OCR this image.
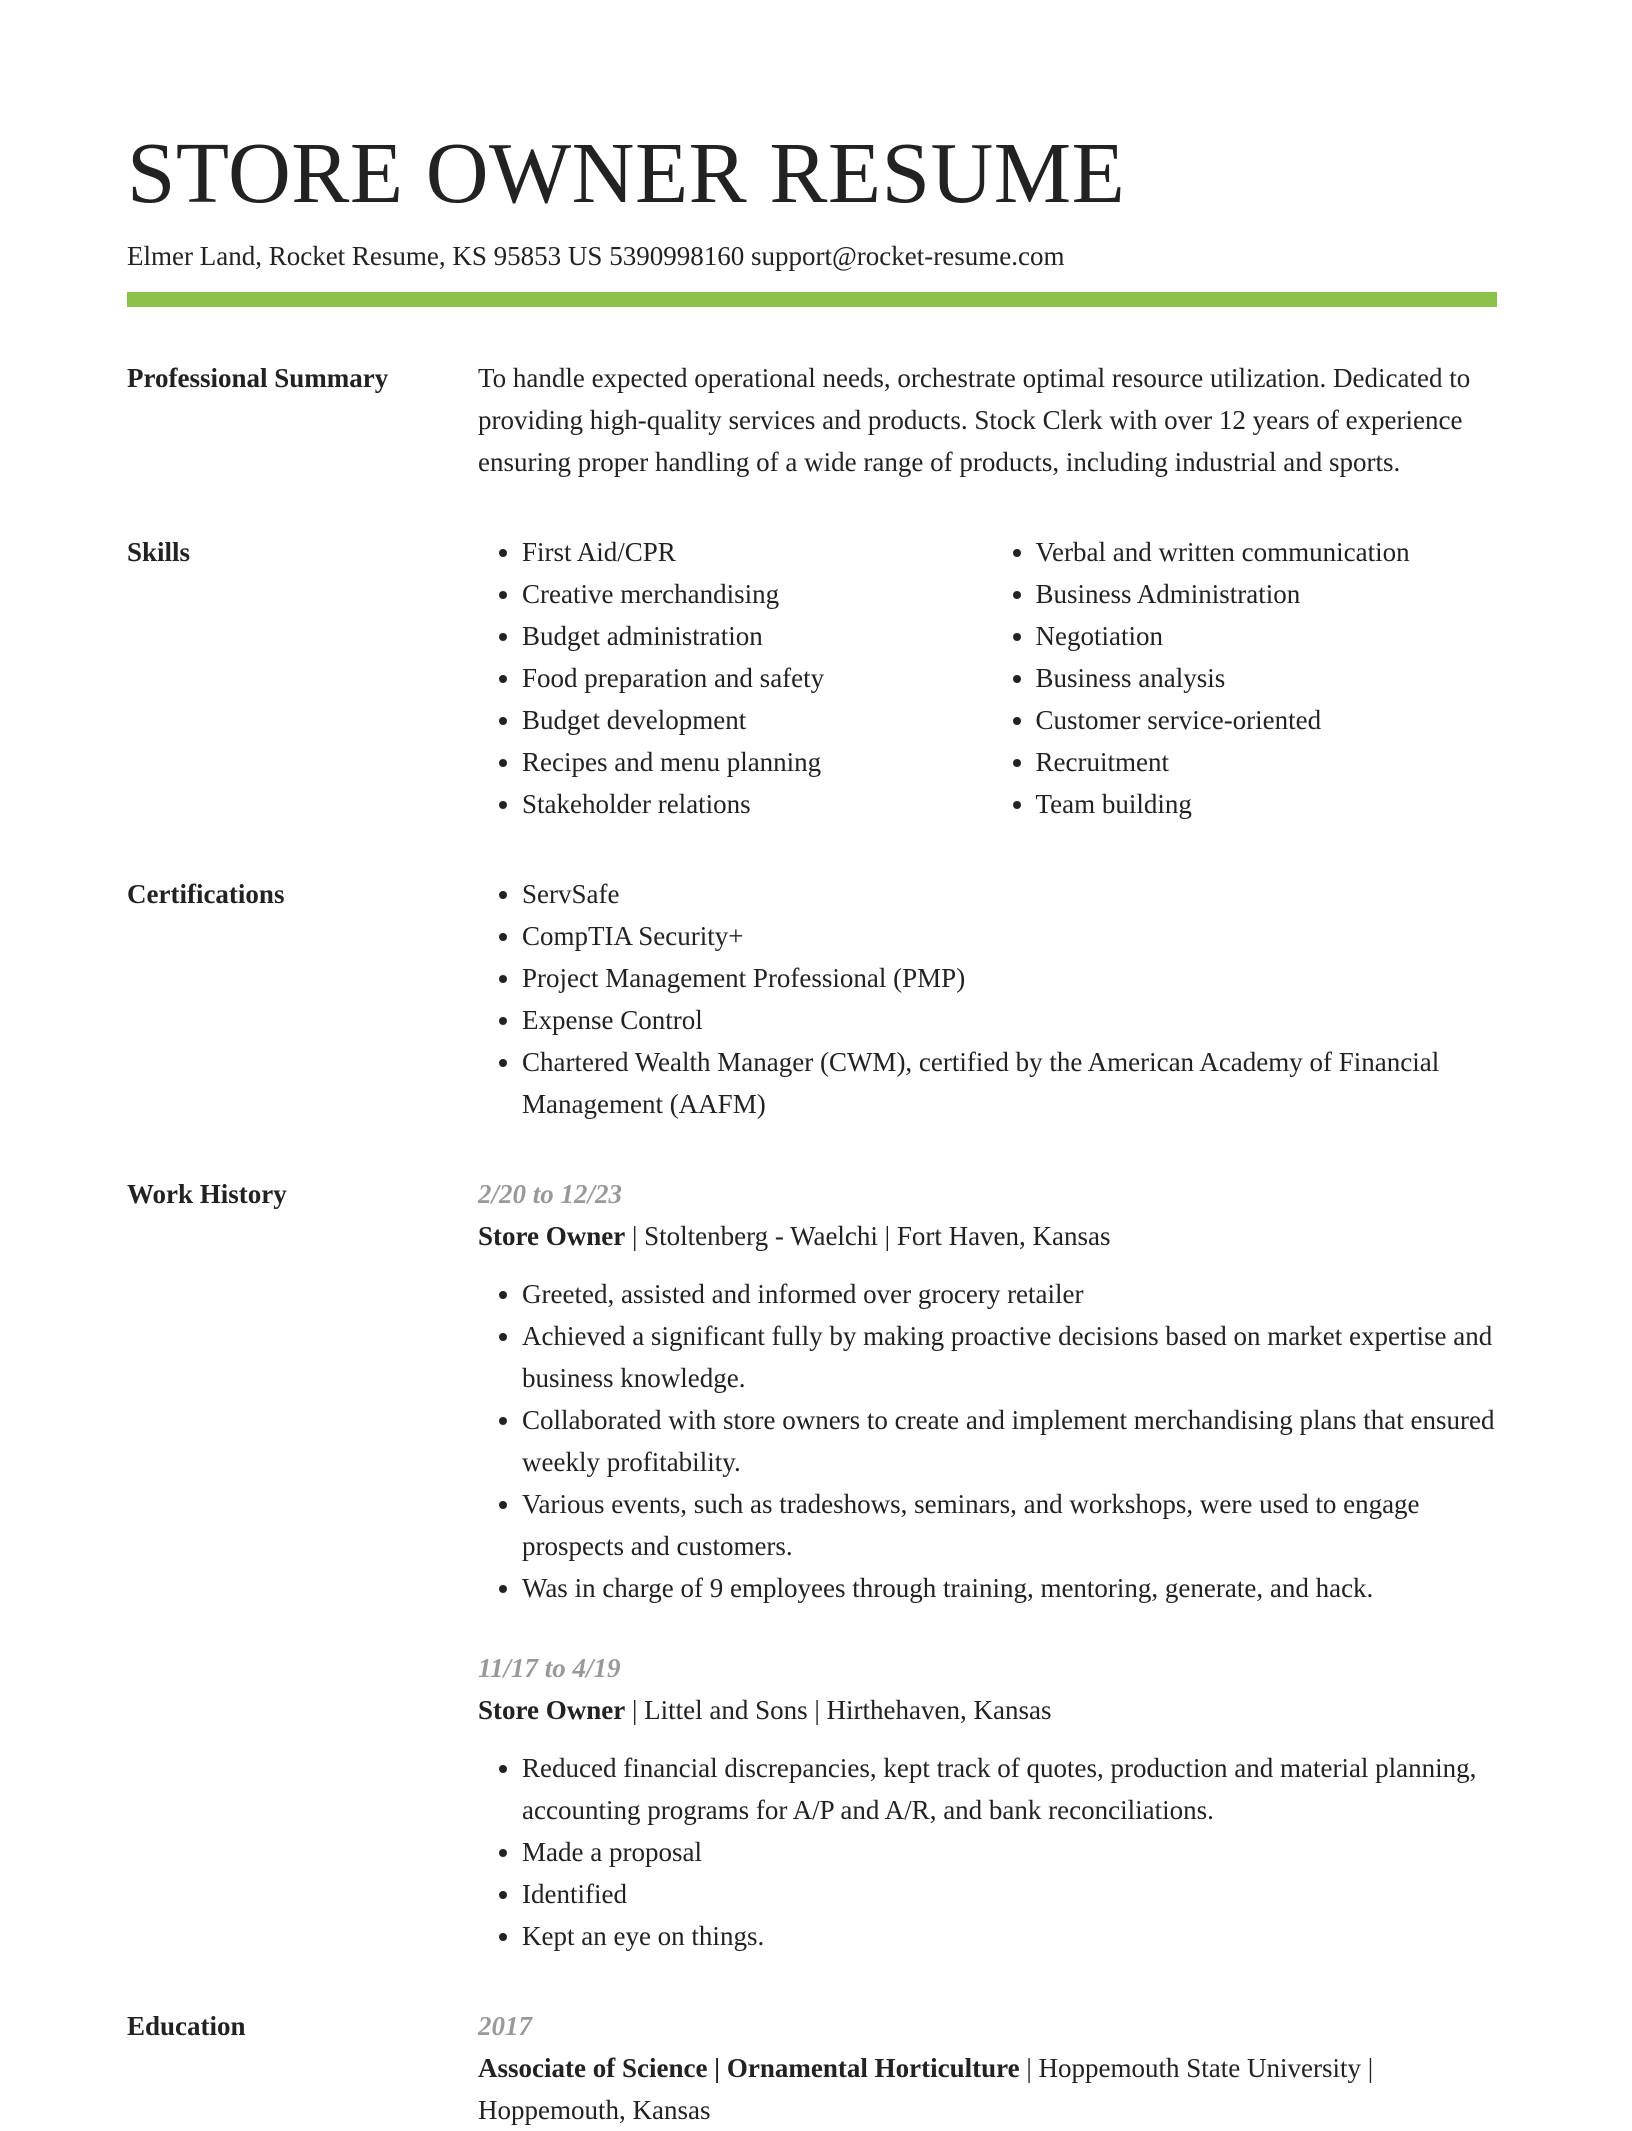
STORE OWNER RESUME
Elmer Land, Rocket Resume, KS 95853 US 5390998160 support@rocket-resume.com
Professional Summary	To handle expected operational needs, orchestrate optimal resource utilization. Dedicated to providing high-quality services and products. Stock Clerk with over 12 years of experience ensuring proper handling of a wide range of products, including industrial and sports.

Skills	• First Aid/CPR
• Creative merchandising
• Budget administration
• Food preparation and safety
• Budget development
• Recipes and menu planning
• Stakeholder relations
• Verbal and written communication
• Business Administration
• Negotiation
• Business analysis
• Customer service-oriented
• Recruitment
• Team building
Certifications	• ServSafe
• CompTIA Security+
• Project Management Professional (PMP)
• Expense Control
• Chartered Wealth Manager (CWM), certified by the American Academy of Financial Management (AAFM)
Work History	2/20 to 12/23
Store Owner | Stoltenberg - Waelchi | Fort Haven, Kansas
• Greeted, assisted and informed over grocery retailer
• Achieved a significant fully by making proactive decisions based on market expertise and business knowledge.
• Collaborated with store owners to create and implement merchandising plans that ensured weekly profitability.
• Various events, such as tradeshows, seminars, and workshops, were used to engage prospects and customers.
• Was in charge of 9 employees through training, mentoring, generate, and hack.
11/17 to 4/19
Store Owner | Littel and Sons | Hirthehaven, Kansas
• Reduced financial discrepancies, kept track of quotes, production and material planning, accounting programs for A/P and A/R, and bank reconciliations.
• Made a proposal
• Identified
• Kept an eye on things.
Education	2017
Associate of Science | Ornamental Horticulture | Hoppemouth State University | Hoppemouth, Kansas
